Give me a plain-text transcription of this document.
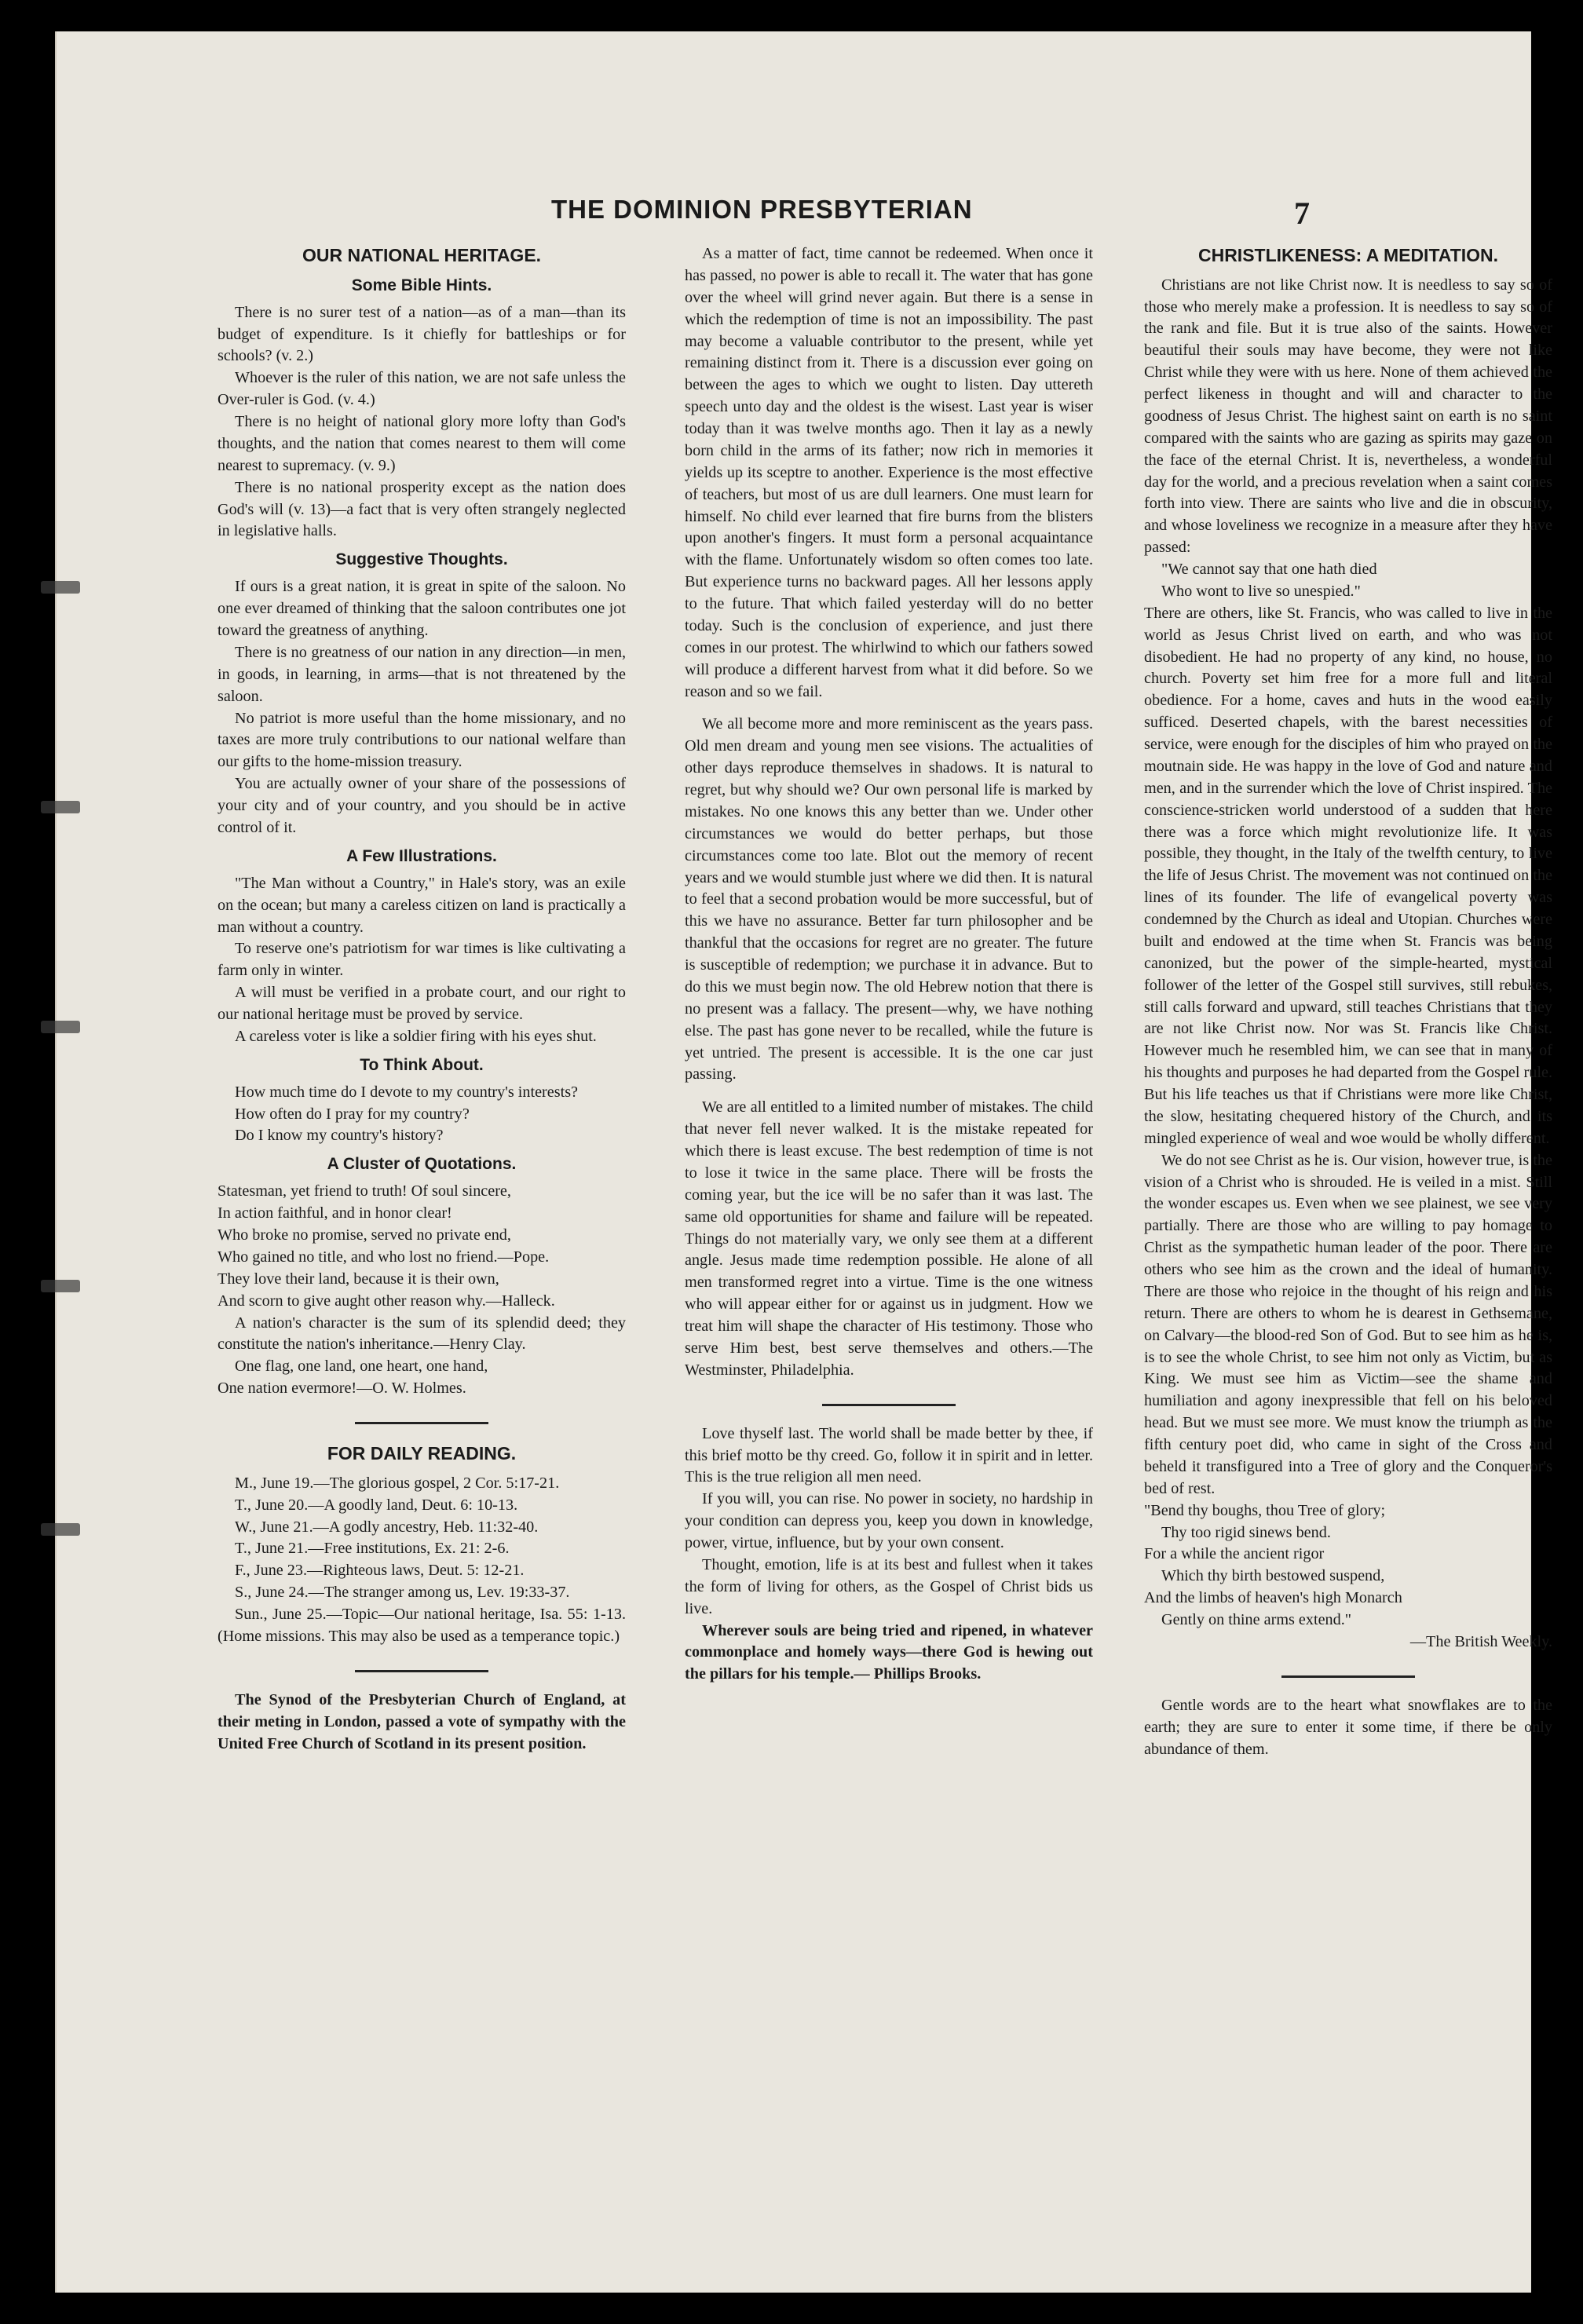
THE DOMINION PRESBYTERIAN	7
OUR NATIONAL HERITAGE.
Some Bible Hints.

There is no surer test of a nation—as of a man—than its budget of expenditure. Is it chiefly for battleships or for schools? (v. 2.)

Whoever is the ruler of this nation, we are not safe unless the Over-ruler is God. (v. 4.)

There is no height of national glory more lofty than God's thoughts, and the nation that comes nearest to them will come nearest to supremacy. (v. 9.)

There is no national prosperity except as the nation does God's will (v. 13)—a fact that is very often strangely neglected in legislative halls.

Suggestive Thoughts.

If ours is a great nation, it is great in spite of the saloon. No one ever dreamed of thinking that the saloon contributes one jot toward the greatness of anything.

There is no greatness of our nation in any direction—in men, in goods, in learning, in arms—that is not threatened by the saloon.

No patriot is more useful than the home missionary, and no taxes are more truly contributions to our national welfare than our gifts to the home-mission treasury.

You are actually owner of your share of the possessions of your city and of your country, and you should be in active control of it.

A Few Illustrations.

"The Man without a Country," in Hale's story, was an exile on the ocean; but many a careless citizen on land is practically a man without a country.

To reserve one's patriotism for war times is like cultivating a farm only in winter.

A will must be verified in a probate court, and our right to our national heritage must be proved by service.

A careless voter is like a soldier firing with his eyes shut.

To Think About.

How much time do I devote to my country's interests?

How often do I pray for my country?

Do I know my country's history?

A Cluster of Quotations.

Statesman, yet friend to truth! Of soul sincere,

In action faithful, and in honor clear!

Who broke no promise, served no private end,

Who gained no title, and who lost no friend.—Pope.

They love their land, because it is their own,

And scorn to give aught other reason why.—Halleck.

A nation's character is the sum of its splendid deed; they constitute the nation's inheritance.—Henry Clay.

One flag, one land, one heart, one hand,

One nation evermore!—O. W. Holmes.

FOR DAILY READING.

M., June 19.—The glorious gospel, 2 Cor. 5:17-21.

T., June 20.—A goodly land, Deut. 6: 10-13.

W., June 21.—A godly ancestry, Heb. 11:32-40.

T., June 21.—Free institutions, Ex. 21: 2-6.

F., June 23.—Righteous laws, Deut. 5: 12-21.

S., June 24.—The stranger among us, Lev. 19:33-37.

Sun., June 25.—Topic—Our national heritage, Isa. 55: 1-13. (Home missions. This may also be used as a temperance topic.)

The Synod of the Presbyterian Church of England, at their meting in London, passed a vote of sympathy with the United Free Church of Scotland in its present position.

As a matter of fact, time cannot be redeemed. When once it has passed, no power is able to recall it. The water that has gone over the wheel will grind never again. But there is a sense in which the redemption of time is not an impossibility. The past may become a valuable contributor to the present, while yet remaining distinct from it. There is a discussion ever going on between the ages to which we ought to listen. Day uttereth speech unto day and the oldest is the wisest. Last year is wiser today than it was twelve months ago. Then it lay as a newly born child in the arms of its father; now rich in memories it yields up its sceptre to another. Experience is the most effective of teachers, but most of us are dull learners. One must learn for himself. No child ever learned that fire burns from the blisters upon another's fingers. It must form a personal acquaintance with the flame. Unfortunately wisdom so often comes too late. But experience turns no backward pages. All her lessons apply to the future. That which failed yesterday will do no better today. Such is the conclusion of experience, and just there comes in our protest. The whirlwind to which our fathers sowed will produce a different harvest from what it did before. So we reason and so we fail.

We all become more and more reminiscent as the years pass. Old men dream and young men see visions. The actualities of other days reproduce themselves in shadows. It is natural to regret, but why should we? Our own personal life is marked by mistakes. No one knows this any better than we. Under other circumstances we would do better perhaps, but those circumstances come too late. Blot out the memory of recent years and we would stumble just where we did then. It is natural to feel that a second probation would be more successful, but of this we have no assurance. Better far turn philosopher and be thankful that the occasions for regret are no greater. The future is susceptible of redemption; we purchase it in advance. But to do this we must begin now. The old Hebrew notion that there is no present was a fallacy. The present—why, we have nothing else. The past has gone never to be recalled, while the future is yet untried. The present is accessible. It is the one car just passing.

We are all entitled to a limited number of mistakes. The child that never fell never walked. It is the mistake repeated for which there is least excuse. The best redemption of time is not to lose it twice in the same place. There will be frosts the coming year, but the ice will be no safer than it was last. The same old opportunities for shame and failure will be repeated. Things do not materially vary, we only see them at a different angle. Jesus made time redemption possible. He alone of all men transformed regret into a virtue. Time is the one witness who will appear either for or against us in judgment. How we treat him will shape the character of His testimony. Those who serve Him best, best serve themselves and others.—The Westminster, Philadelphia.

Love thyself last. The world shall be made better by thee, if this brief motto be thy creed. Go, follow it in spirit and in letter. This is the true religion all men need.

If you will, you can rise. No power in society, no hardship in your condition can depress you, keep you down in knowledge, power, virtue, influence, but by your own consent.

Thought, emotion, life is at its best and fullest when it takes the form of living for others, as the Gospel of Christ bids us live.

Wherever souls are being tried and ripened, in whatever commonplace and homely ways—there God is hewing out the pillars for his temple.— Phillips Brooks.

CHRISTLIKENESS: A MEDITATION.

Christians are not like Christ now. It is needless to say so of those who merely make a profession. It is needless to say so of the rank and file. But it is true also of the saints. However beautiful their souls may have become, they were not like Christ while they were with us here. None of them achieved the perfect likeness in thought and will and character to the goodness of Jesus Christ. The highest saint on earth is no saint compared with the saints who are gazing as spirits may gaze on the face of the eternal Christ. It is, nevertheless, a wonderful day for the world, and a precious revelation when a saint comes forth into view. There are saints who live and die in obscurity, and whose loveliness we recognize in a measure after they have passed:

"We cannot say that one hath died

Who wont to live so unespied."

There are others, like St. Francis, who was called to live in the world as Jesus Christ lived on earth, and who was not disobedient. He had no property of any kind, no house, no church. Poverty set him free for a more full and literal obedience. For a home, caves and huts in the wood easily sufficed. Deserted chapels, with the barest necessities of service, were enough for the disciples of him who prayed on the moutnain side. He was happy in the love of God and nature and men, and in the surrender which the love of Christ inspired. The conscience-stricken world understood of a sudden that here there was a force which might revolutionize life. It was possible, they thought, in the Italy of the twelfth century, to live the life of Jesus Christ. The movement was not continued on the lines of its founder. The life of evangelical poverty was condemned by the Church as ideal and Utopian. Churches were built and endowed at the time when St. Francis was being canonized, but the power of the simple-hearted, mystical follower of the letter of the Gospel still survives, still rebukes, still calls forward and upward, still teaches Christians that they are not like Christ now. Nor was St. Francis like Christ. However much he resembled him, we can see that in many of his thoughts and purposes he had departed from the Gospel rule. But his life teaches us that if Christians were more like Christ, the slow, hesitating chequered history of the Church, and its mingled experience of weal and woe would be wholly different.

We do not see Christ as he is. Our vision, however true, is the vision of a Christ who is shrouded. He is veiled in a mist. Still the wonder escapes us. Even when we see plainest, we see very partially. There are those who are willing to pay homage to Christ as the sympathetic human leader of the poor. There are others who see him as the crown and the ideal of humanity. There are those who rejoice in the thought of his reign and his return. There are others to whom he is dearest in Gethsemane, on Calvary—the blood-red Son of God. But to see him as he is, is to see the whole Christ, to see him not only as Victim, but as King. We must see him as Victim—see the shame and humiliation and agony inexpressible that fell on his beloved head. But we must see more. We must know the triumph as the fifth century poet did, who came in sight of the Cross and beheld it transfigured into a Tree of glory and the Conqueror's bed of rest.

"Bend thy boughs, thou Tree of glory;

Thy too rigid sinews bend.

For a while the ancient rigor

Which thy birth bestowed suspend,

And the limbs of heaven's high Monarch

Gently on thine arms extend."

—The British Weekly.

Gentle words are to the heart what snowflakes are to the earth; they are sure to enter it some time, if there be only abundance of them.
